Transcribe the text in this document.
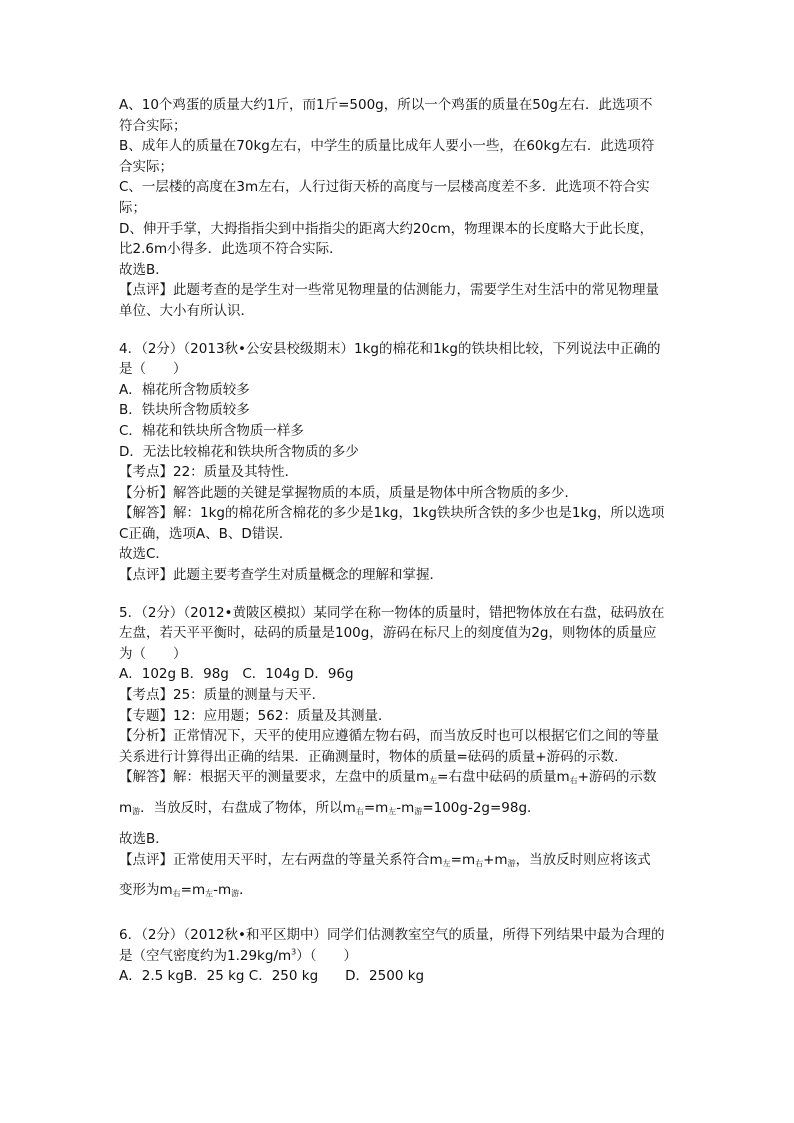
A、10个鸡蛋的质量大约1斤，而1斤=500g，所以一个鸡蛋的质量在50g左右．此选项不
符合实际；
B、成年人的质量在70kg左右，中学生的质量比成年人要小一些，在60kg左右．此选项符
合实际；
C、一层楼的高度在3m左右，人行过街天桥的高度与一层楼高度差不多．此选项不符合实
际；
D、伸开手掌，大拇指指尖到中指指尖的距离大约20cm，物理课本的长度略大于此长度，
比2.6m小得多．此选项不符合实际．
故选B．
【点评】此题考查的是学生对一些常见物理量的估测能力，需要学生对生活中的常见物理量
单位、大小有所认识．
4．（2分）（2013秋•公安县校级期末）1kg的棉花和1kg的铁块相比较，下列说法中正确的
是（　　）
A．棉花所含物质较多
B．铁块所含物质较多
C．棉花和铁块所含物质一样多
D．无法比较棉花和铁块所含物质的多少
【考点】22：质量及其特性．
【分析】解答此题的关键是掌握物质的本质，质量是物体中所含物质的多少．
【解答】解：1kg的棉花所含棉花的多少是1kg，1kg铁块所含铁的多少也是1kg，所以选项
C正确，选项A、B、D错误．
故选C．
【点评】此题主要考查学生对质量概念的理解和掌握．
5．（2分）（2012•黄陂区模拟）某同学在称一物体的质量时，错把物体放在右盘，砝码放在
左盘，若天平平衡时，砝码的质量是100g，游码在标尺上的刻度值为2g，则物体的质量应
为（　　）
A．102g B．98g　C．104g D．96g
【考点】25：质量的测量与天平．
【专题】12：应用题；562：质量及其测量．
【分析】正常情况下，天平的使用应遵循左物右码，而当放反时也可以根据它们之间的等量
关系进行计算得出正确的结果．正确测量时，物体的质量=砝码的质量+游码的示数．
【解答】解：根据天平的测量要求，左盘中的质量$m_左=$右盘中砝码的质量$m_右+$游码的示数
$m_游$．当放反时，右盘成了物体，所以$m_右=m_左-m_游=100g-2g=98g$．
故选B．
【点评】正常使用天平时，左右两盘的等量关系符合$m_左=m_右+m_游$，当放反时则应将该式
变形为$m_右=m_左-m_游$．
6．（2分）（2012秋•和平区期中）同学们估测教室空气的质量，所得下列结果中最为合理的
是（空气密度约为$1.29kg/m^3$）（　　）
A．2.5 kgB．25 kg C．250 kg　　D．2500 kg
